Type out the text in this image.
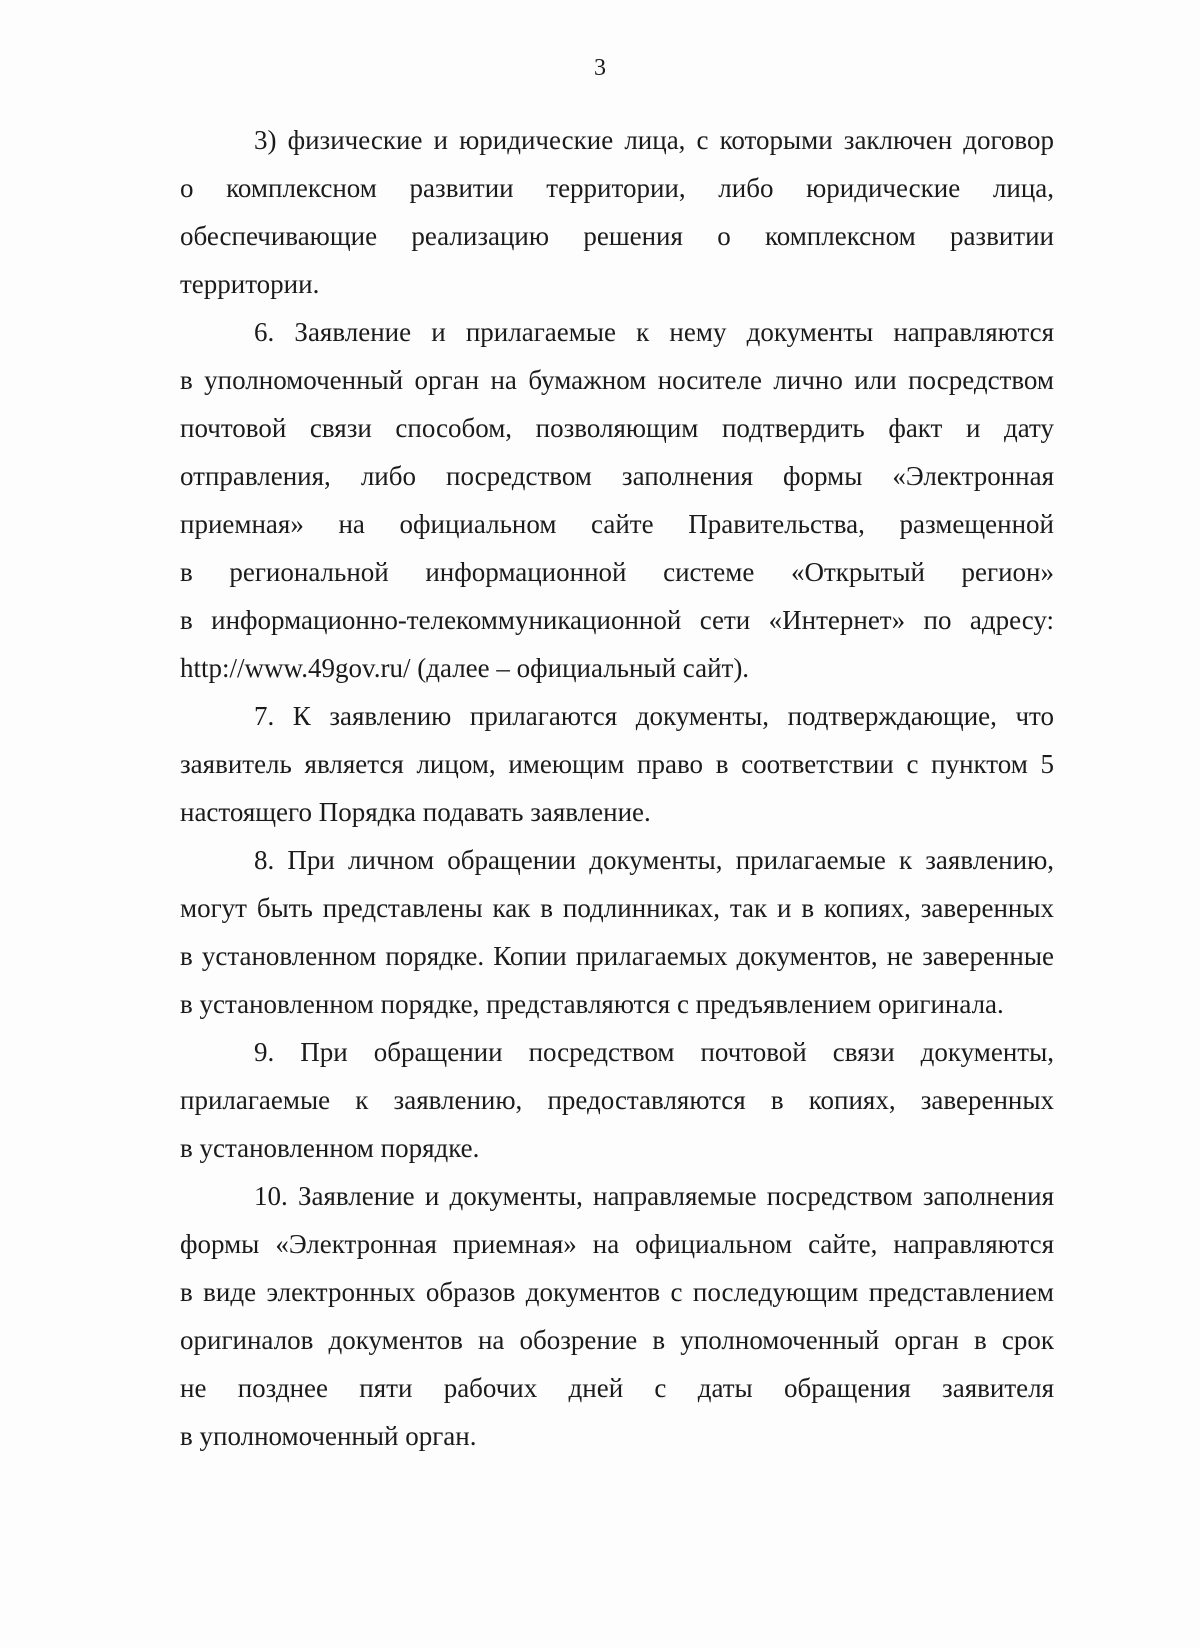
3

3) физические и юридические лица, с которыми заключен договор
о комплексном развитии территории, либо юридические лица,
обеспечивающие реализацию решения о комплексном развитии
территории.

6. Заявление и прилагаемые к нему документы направляются
в уполномоченный орган на бумажном носителе лично или посредством
почтовой связи способом, позволяющим подтвердить факт и дату
отправления, либо посредством заполнения формы «Электронная
приемная» на официальном сайте Правительства, размещенной
в региональной информационной системе «Открытый регион»
в информационно-телекоммуникационной сети «Интернет» по адресу:
http://www.49gov.ru/ (далее – официальный сайт).

7. К заявлению прилагаются документы, подтверждающие, что
заявитель является лицом, имеющим право в соответствии с пунктом 5
настоящего Порядка подавать заявление.

8. При личном обращении документы, прилагаемые к заявлению,
могут быть представлены как в подлинниках, так и в копиях, заверенных
в установленном порядке. Копии прилагаемых документов, не заверенные
в установленном порядке, представляются с предъявлением оригинала.

9. При обращении посредством почтовой связи документы,
прилагаемые к заявлению, предоставляются в копиях, заверенных
в установленном порядке.

10. Заявление и документы, направляемые посредством заполнения
формы «Электронная приемная» на официальном сайте, направляются
в виде электронных образов документов с последующим представлением
оригиналов документов на обозрение в уполномоченный орган в срок
не позднее пяти рабочих дней с даты обращения заявителя
в уполномоченный орган.
